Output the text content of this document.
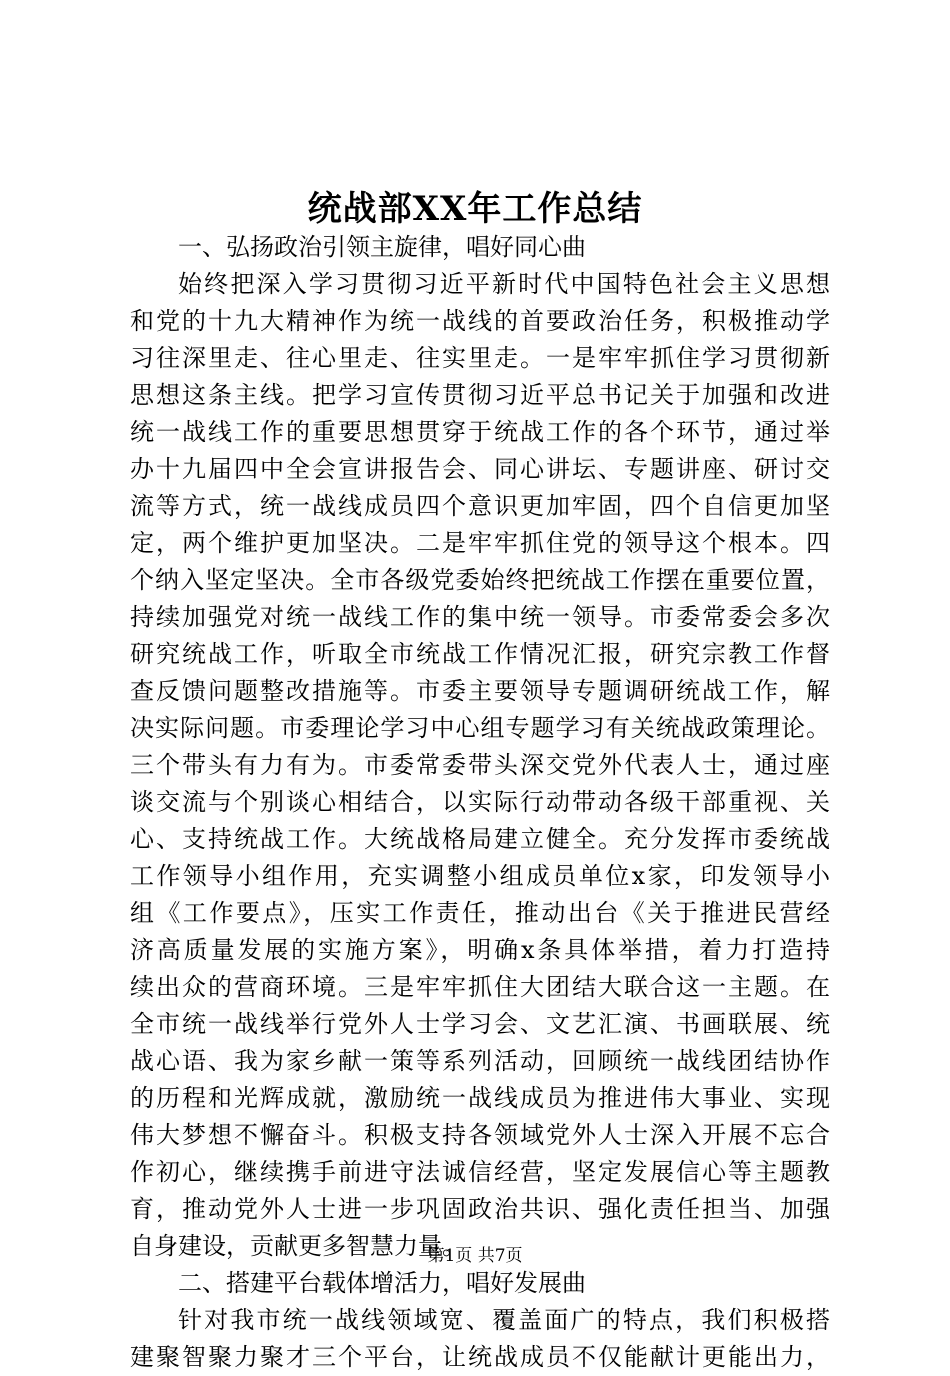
统战部XX年工作总结
一、弘扬政治引领主旋律，唱好同心曲
始终把深入学习贯彻习近平新时代中国特色社会主义思想
和党的十九大精神作为统一战线的首要政治任务，积极推动学
习往深里走、往心里走、往实里走。一是牢牢抓住学习贯彻新
思想这条主线。把学习宣传贯彻习近平总书记关于加强和改进
统一战线工作的重要思想贯穿于统战工作的各个环节，通过举
办十九届四中全会宣讲报告会、同心讲坛、专题讲座、研讨交
流等方式，统一战线成员四个意识更加牢固，四个自信更加坚
定，两个维护更加坚决。二是牢牢抓住党的领导这个根本。四
个纳入坚定坚决。全市各级党委始终把统战工作摆在重要位置，
持续加强党对统一战线工作的集中统一领导。市委常委会多次
研究统战工作，听取全市统战工作情况汇报，研究宗教工作督
查反馈问题整改措施等。市委主要领导专题调研统战工作，解
决实际问题。市委理论学习中心组专题学习有关统战政策理论。
三个带头有力有为。市委常委带头深交党外代表人士，通过座
谈交流与个别谈心相结合，以实际行动带动各级干部重视、关
心、支持统战工作。大统战格局建立健全。充分发挥市委统战
工作领导小组作用，充实调整小组成员单位x家，印发领导小
组《工作要点》，压实工作责任，推动出台《关于推进民营经
济高质量发展的实施方案》，明确x条具体举措，着力打造持
续出众的营商环境。三是牢牢抓住大团结大联合这一主题。在
全市统一战线举行党外人士学习会、文艺汇演、书画联展、统
战心语、我为家乡献一策等系列活动，回顾统一战线团结协作
的历程和光辉成就，激励统一战线成员为推进伟大事业、实现
伟大梦想不懈奋斗。积极支持各领域党外人士深入开展不忘合
作初心，继续携手前进守法诚信经营，坚定发展信心等主题教
育，推动党外人士进一步巩固政治共识、强化责任担当、加强
自身建设，贡献更多智慧力量。
二、搭建平台载体增活力，唱好发展曲
针对我市统一战线领域宽、覆盖面广的特点，我们积极搭
建聚智聚力聚才三个平台，让统战成员不仅能献计更能出力，
第1页 共7页
